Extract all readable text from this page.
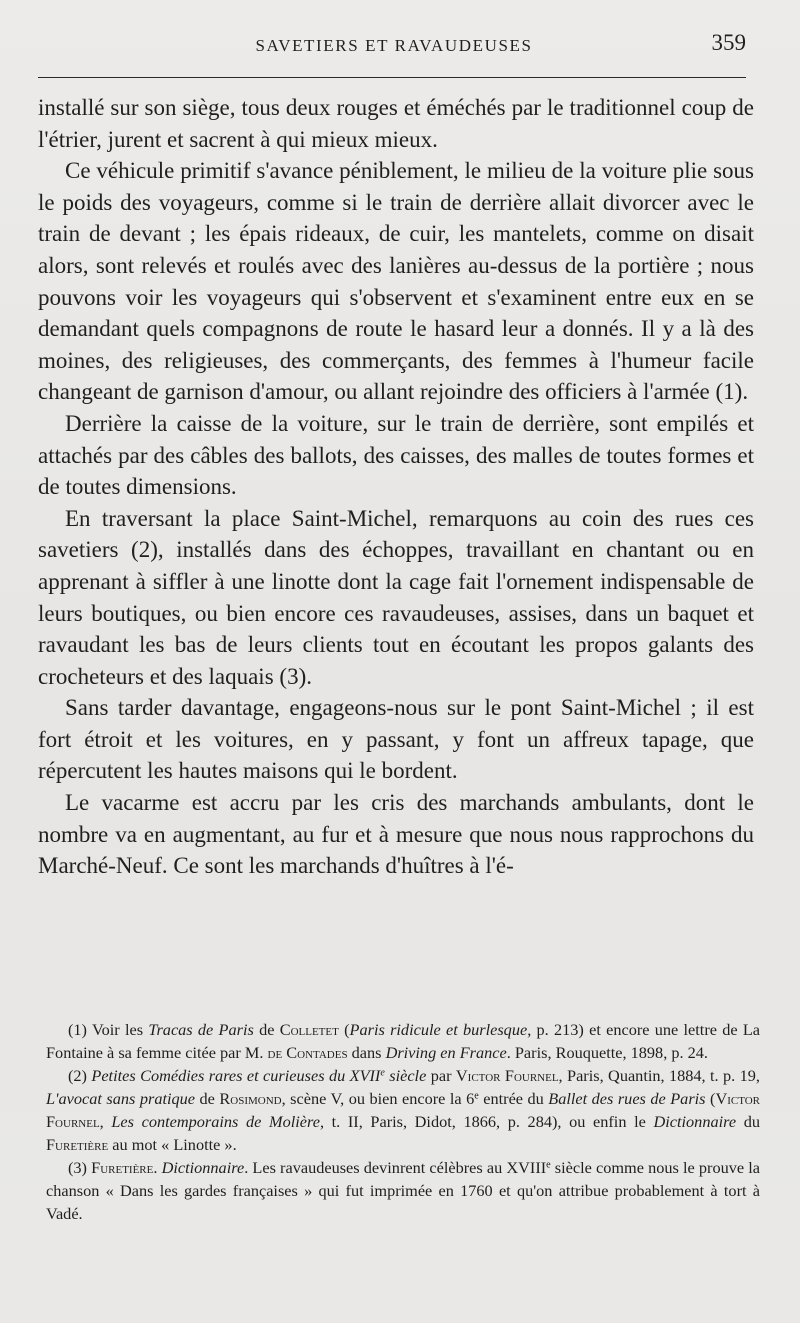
SAVETIERS ET RAVAUDEUSES	359

installé sur son siège, tous deux rouges et éméchés par le traditionnel coup de l'étrier, jurent et sacrent à qui mieux mieux.

Ce véhicule primitif s'avance péniblement, le milieu de la voiture plie sous le poids des voyageurs, comme si le train de derrière allait divorcer avec le train de devant ; les épais rideaux, de cuir, les mantelets, comme on disait alors, sont relevés et roulés avec des lanières au-dessus de la portière ; nous pouvons voir les voyageurs qui s'observent et s'examinent entre eux en se demandant quels compagnons de route le hasard leur a donnés. Il y a là des moines, des religieuses, des commerçants, des femmes à l'humeur facile changeant de garnison d'amour, ou allant rejoindre des officiers à l'armée (1).

Derrière la caisse de la voiture, sur le train de derrière, sont empilés et attachés par des câbles des ballots, des caisses, des malles de toutes formes et de toutes dimensions.

En traversant la place Saint-Michel, remarquons au coin des rues ces savetiers (2), installés dans des échoppes, travaillant en chantant ou en apprenant à siffler à une linotte dont la cage fait l'ornement indispensable de leurs boutiques, ou bien encore ces ravaudeuses, assises, dans un baquet et ravaudant les bas de leurs clients tout en écoutant les propos galants des crocheteurs et des laquais (3).

Sans tarder davantage, engageons-nous sur le pont Saint-Michel ; il est fort étroit et les voitures, en y passant, y font un affreux tapage, que répercutent les hautes maisons qui le bordent.

Le vacarme est accru par les cris des marchands ambulants, dont le nombre va en augmentant, au fur et à mesure que nous nous rapprochons du Marché-Neuf. Ce sont les marchands d'huîtres à l'é-

(1) Voir les Tracas de Paris de Colletet (Paris ridicule et burlesque, p. 213) et encore une lettre de La Fontaine à sa femme citée par M. de Contades dans Driving en France. Paris, Rouquette, 1898, p. 24.

(2) Petites Comédies rares et curieuses du XVIIe siècle par Victor Fournel, Paris, Quantin, 1884, t. p. 19, L'avocat sans pratique de Rosimond, scène V, ou bien encore la 6e entrée du Ballet des rues de Paris (Victor Fournel, Les contemporains de Molière, t. II, Paris, Didot, 1866, p. 284), ou enfin le Dictionnaire du Furetière au mot « Linotte ».

(3) Furetière. Dictionnaire. Les ravaudeuses devinrent célèbres au XVIIIe siècle comme nous le prouve la chanson « Dans les gardes françaises » qui fut imprimée en 1760 et qu'on attribue probablement à tort à Vadé.
